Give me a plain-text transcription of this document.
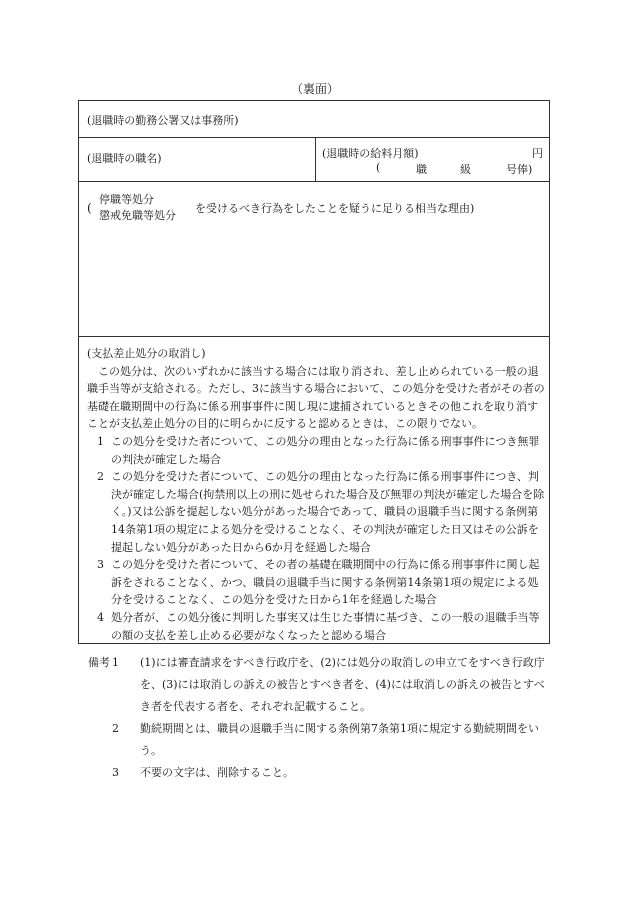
（裏面）
(退職時の勤務公署又は事務所)
(退職時の職名)	(退職時の給料月額)	円
(	職	級	号俸)
(
停職等処分
懲戒免職等処分
を受けるべき行為をしたことを疑うに足りる相当な理由)

(支払差止処分の取消し)

この処分は、次のいずれかに該当する場合には取り消され、差し止められている一般の退職手当等が支給される。ただし、3に該当する場合において、この処分を受けた者がその者の基礎在職期間中の行為に係る刑事事件に関し現に逮捕されているときその他これを取り消すことが支払差止処分の目的に明らかに反すると認めるときは、この限りでない。

1 この処分を受けた者について、この処分の理由となった行為に係る刑事事件につき無罪の判決が確定した場合
2 この処分を受けた者について、この処分の理由となった行為に係る刑事事件につき、判決が確定した場合(拘禁刑以上の刑に処せられた場合及び無罪の判決が確定した場合を除く。)又は公訴を提起しない処分があった場合であって、職員の退職手当に関する条例第14条第1項の規定による処分を受けることなく、その判決が確定した日又はその公訴を提起しない処分があった日から6か月を経過した場合
3 この処分を受けた者について、その者の基礎在職期間中の行為に係る刑事事件に関し起訴をされることなく、かつ、職員の退職手当に関する条例第14条第1項の規定による処分を受けることなく、この処分を受けた日から1年を経過した場合
4 処分者が、この処分後に判明した事実又は生じた事情に基づき、この一般の退職手当等の額の支払を差し止める必要がなくなったと認める場合
備考 1	(1)には審査請求をすべき行政庁を、(2)には処分の取消しの申立てをすべき行政庁を、(3)には取消しの訴えの被告とすべき者を、(4)には取消しの訴えの被告とすべき者を代表する者を、それぞれ記載すること。
2	勤続期間とは、職員の退職手当に関する条例第7条第1項に規定する勤続期間をいう。
3	不要の文字は、削除すること。
